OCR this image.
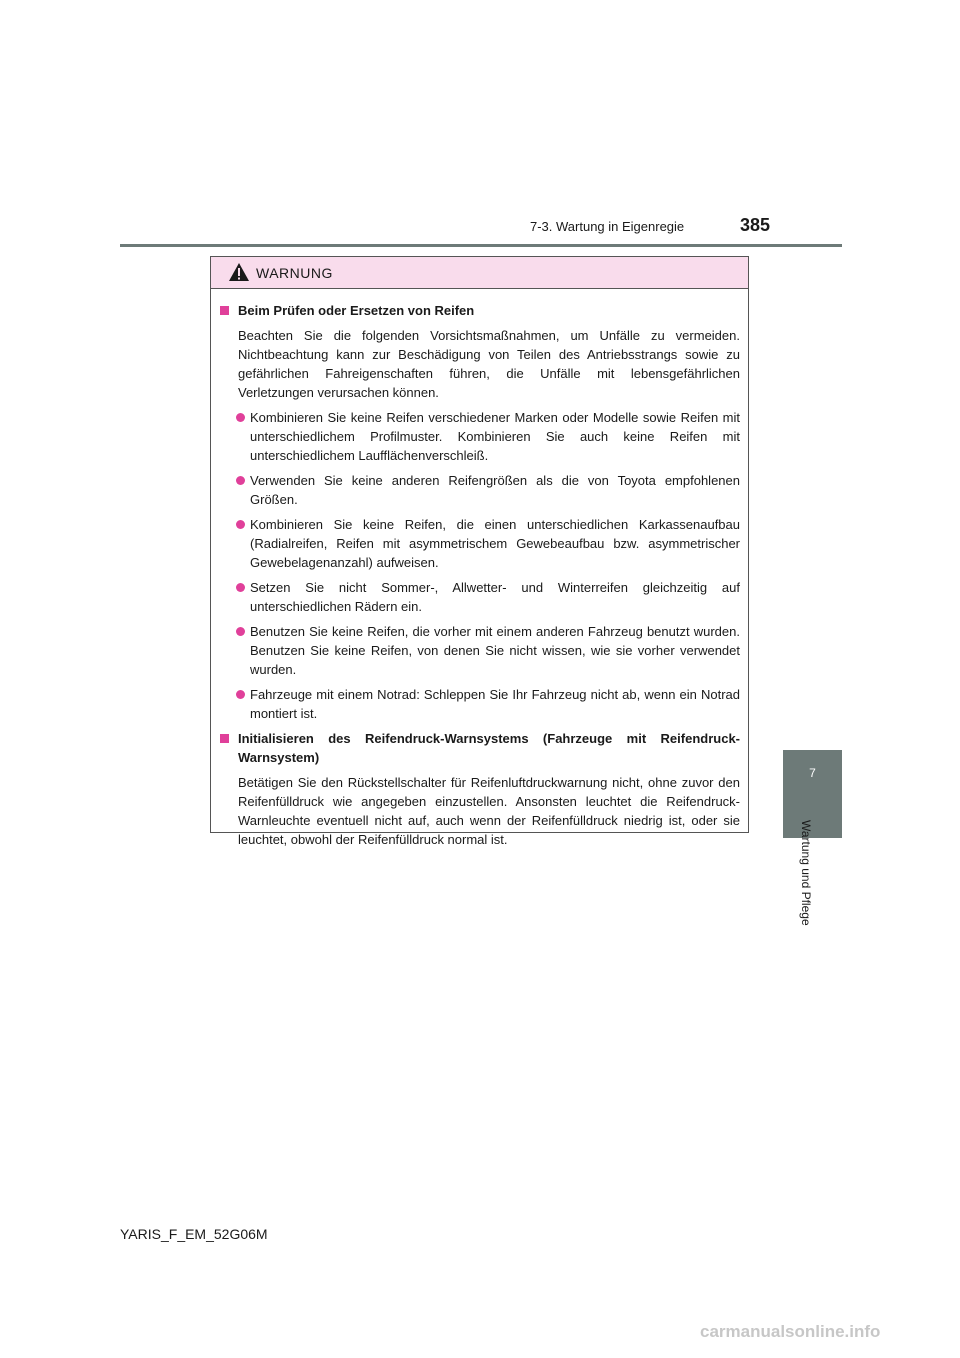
7-3. Wartung in Eigenregie	385
7
Wartung und Pflege
WARNUNG
Beim Prüfen oder Ersetzen von Reifen
Beachten Sie die folgenden Vorsichtsmaßnahmen, um Unfälle zu vermeiden. Nichtbeachtung kann zur Beschädigung von Teilen des Antriebsstrangs sowie zu gefährlichen Fahreigenschaften führen, die Unfälle mit lebensgefährlichen Verletzungen verursachen können.
Kombinieren Sie keine Reifen verschiedener Marken oder Modelle sowie Reifen mit unterschiedlichem Profilmuster. Kombinieren Sie auch keine Reifen mit unterschiedlichem Laufflächenverschleiß.
Verwenden Sie keine anderen Reifengrößen als die von Toyota empfohlenen Größen.
Kombinieren Sie keine Reifen, die einen unterschiedlichen Karkassenaufbau (Radialreifen, Reifen mit asymmetrischem Gewebeaufbau bzw. asymmetrischer Gewebelagenanzahl) aufweisen.
Setzen Sie nicht Sommer-, Allwetter- und Winterreifen gleichzeitig auf unterschiedlichen Rädern ein.
Benutzen Sie keine Reifen, die vorher mit einem anderen Fahrzeug benutzt wurden. Benutzen Sie keine Reifen, von denen Sie nicht wissen, wie sie vorher verwendet wurden.
Fahrzeuge mit einem Notrad: Schleppen Sie Ihr Fahrzeug nicht ab, wenn ein Notrad montiert ist.
Initialisieren des Reifendruck-Warnsystems (Fahrzeuge mit Reifendruck-Warnsystem)
Betätigen Sie den Rückstellschalter für Reifenluftdruckwarnung nicht, ohne zuvor den Reifenfülldruck wie angegeben einzustellen. Ansonsten leuchtet die Reifendruck-Warnleuchte eventuell nicht auf, auch wenn der Reifenfülldruck niedrig ist, oder sie leuchtet, obwohl der Reifenfülldruck normal ist.
YARIS_F_EM_52G06M
carmanualsonline.info
